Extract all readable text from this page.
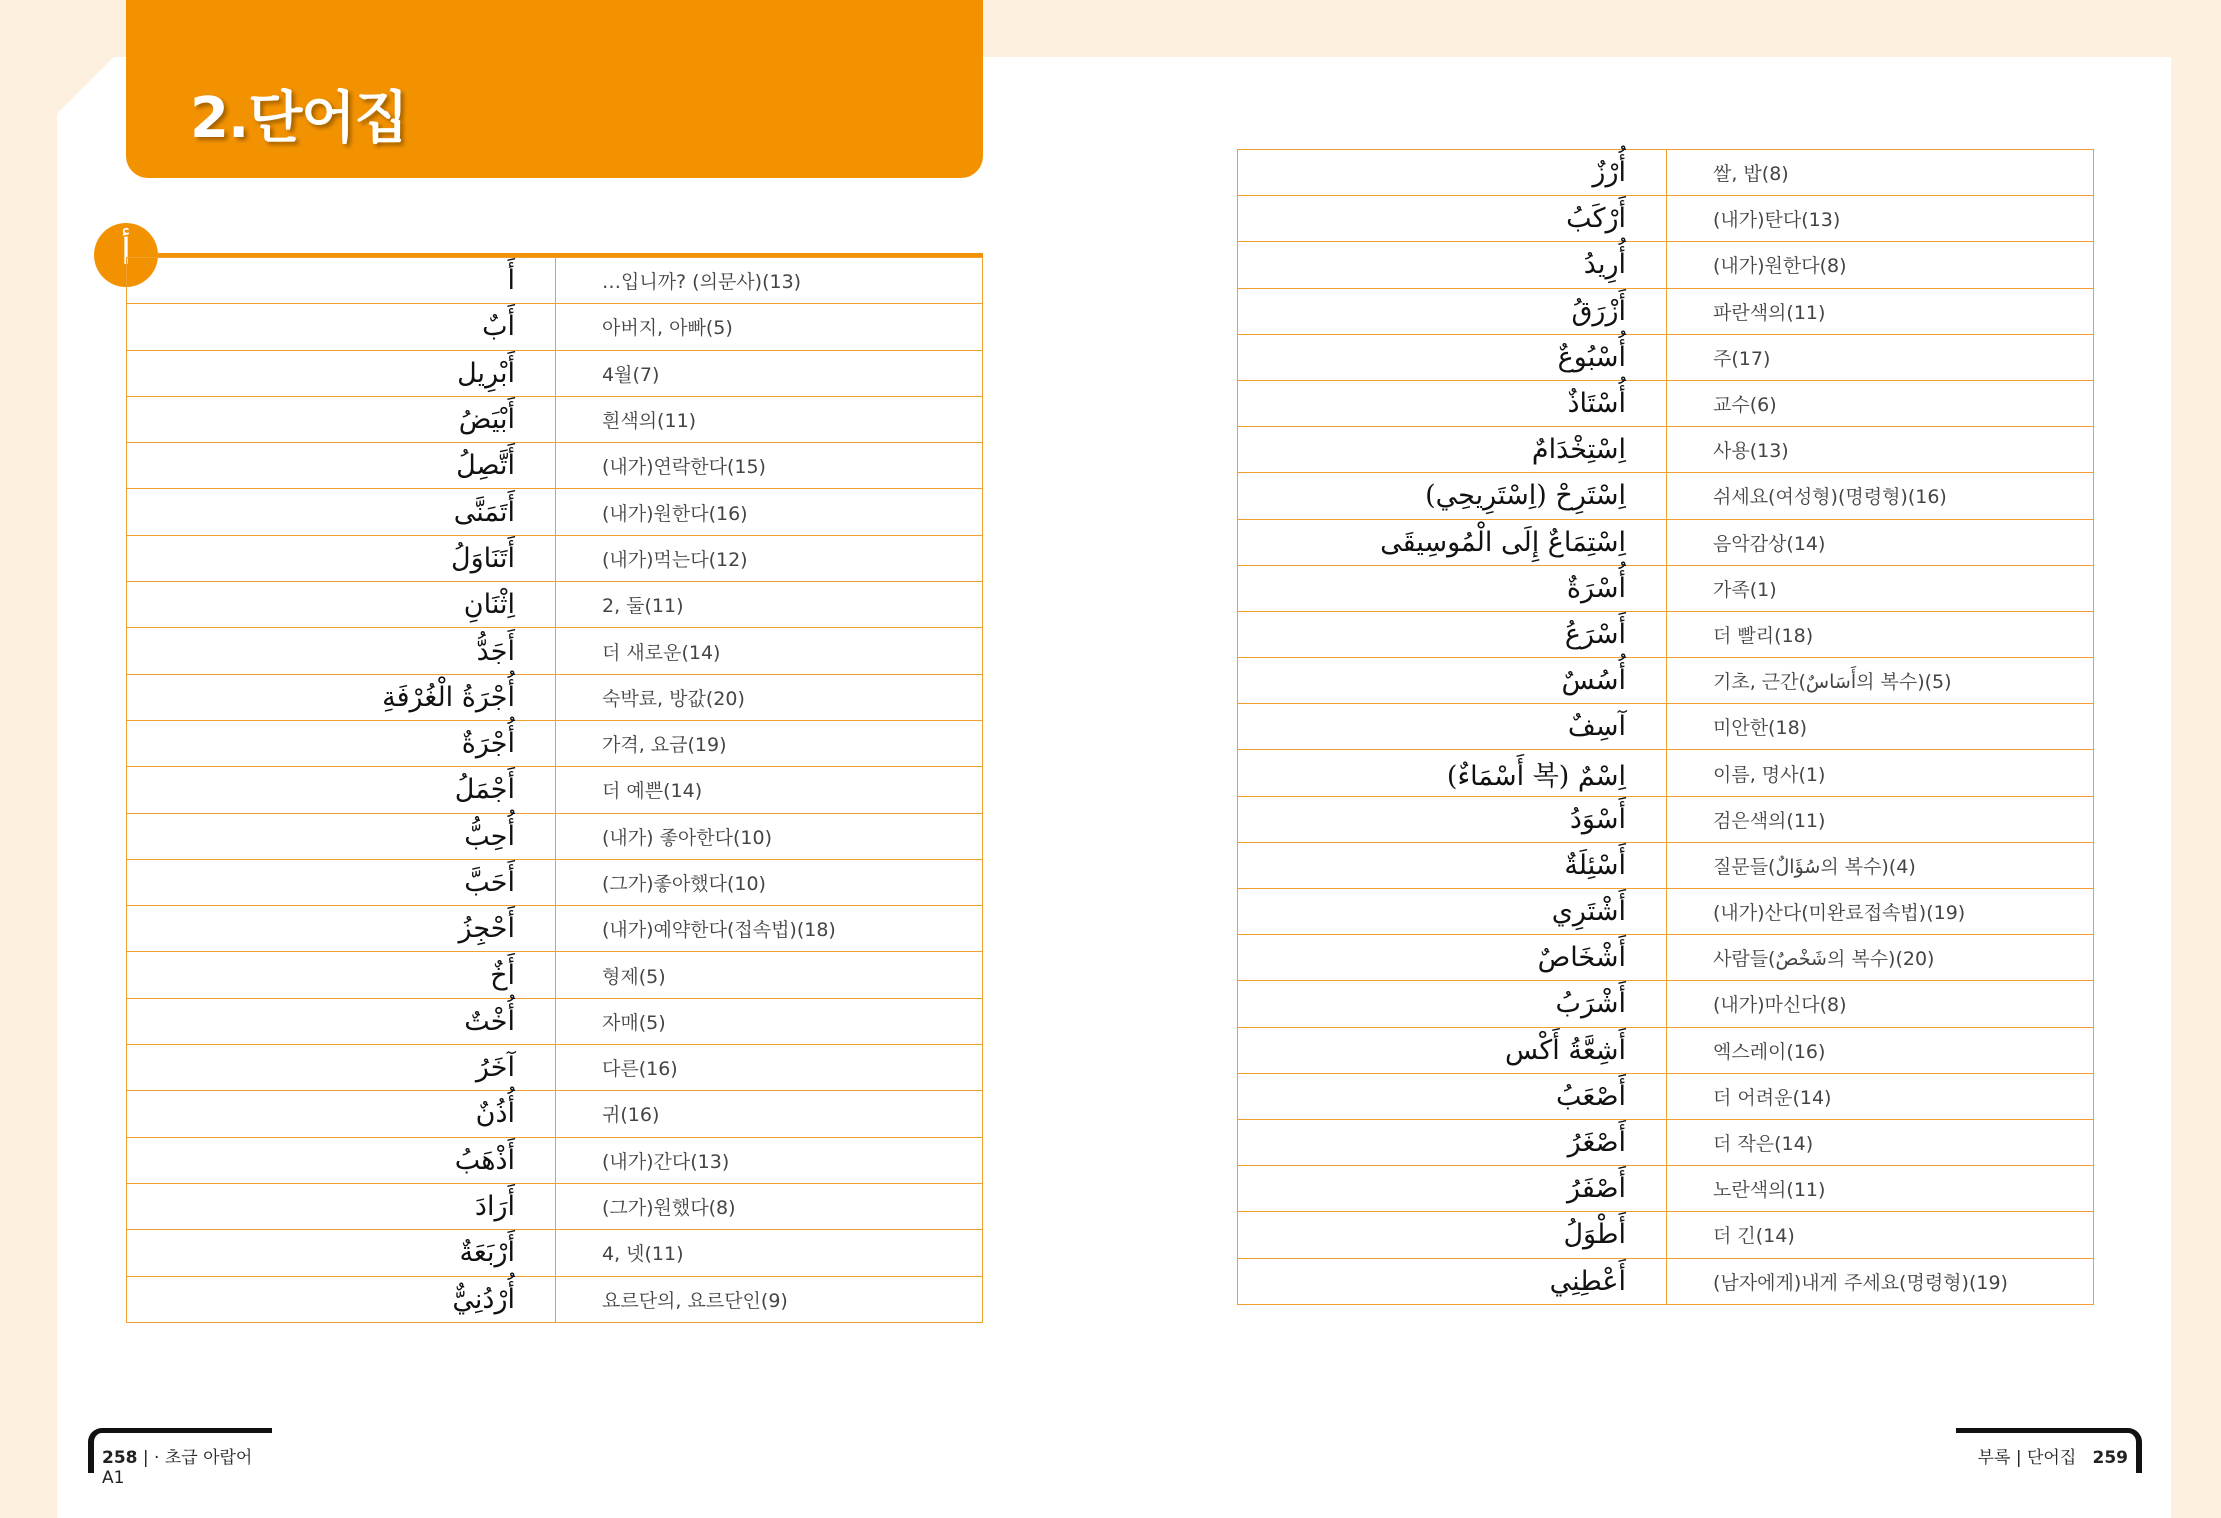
2.단어집
أ
أَ	…입니까? (의문사)(13)
أَبٌ	아버지, 아빠(5)
أَبْرِيل	4월(7)
أَبْيَضُ	흰색의(11)
أَتَّصِلُ	(내가)연락한다(15)
أَتَمَنَّى	(내가)원한다(16)
أَتَنَاوَلُ	(내가)먹는다(12)
اِثْنَانِ	2, 둘(11)
أَجَدُّ	더 새로운(14)
أُجْرَةُ الْغُرْفَةِ	숙박료, 방값(20)
أُجْرَةٌ	가격, 요금(19)
أَجْمَلُ	더 예쁜(14)
أُحِبُّ	(내가) 좋아한다(10)
أَحَبَّ	(그가)좋아했다(10)
أَحْجِزُ	(내가)예약한다(접속법)(18)
أَخٌ	형제(5)
أُخْتٌ	자매(5)
آخَرُ	다른(16)
أُذُنٌ	귀(16)
أَذْهَبُ	(내가)간다(13)
أَرَادَ	(그가)원했다(8)
أَرْبَعَةٌ	4, 넷(11)
أُرْدُنِيٌّ	요르단의, 요르단인(9)
أُرْزٌ	쌀, 밥(8)
أَرْكَبُ	(내가)탄다(13)
أُرِيدُ	(내가)원한다(8)
أَزْرَقُ	파란색의(11)
أُسْبُوعٌ	주(17)
أُسْتَاذٌ	교수(6)
اِسْتِخْدَامٌ	사용(13)
اِسْتَرِحْ (اِسْتَرِيحِي)	쉬세요(여성형)(명령형)(16)
اِسْتِمَاعٌ إِلَى الْمُوسِيقَى	음악감상(14)
أُسْرَةٌ	가족(1)
أَسْرَعُ	더 빨리(18)
أُسُسٌ	기초, 근간(أَسَاسٌ의 복수)(5)
آسِفٌ	미안한(18)
اِسْمٌ (복 أَسْمَاءٌ)	이름, 명사(1)
أَسْوَدُ	검은색의(11)
أَسْئِلَةٌ	질문들(سُؤَالٌ의 복수)(4)
أَشْتَرِي	(내가)산다(미완료접속법)(19)
أَشْخَاصٌ	사람들(شَخْصٌ의 복수)(20)
أَشْرَبُ	(내가)마신다(8)
أَشِعَّةُ أَكْس	엑스레이(16)
أَصْعَبُ	더 어려운(14)
أَصْغَرُ	더 작은(14)
أَصْفَرُ	노란색의(11)
أَطْوَلُ	더 긴(14)
أَعْطِنِي	(남자에게)내게 주세요(명령형)(19)
258 | · 초급 아랍어 A1
부록 | 단어집 259
